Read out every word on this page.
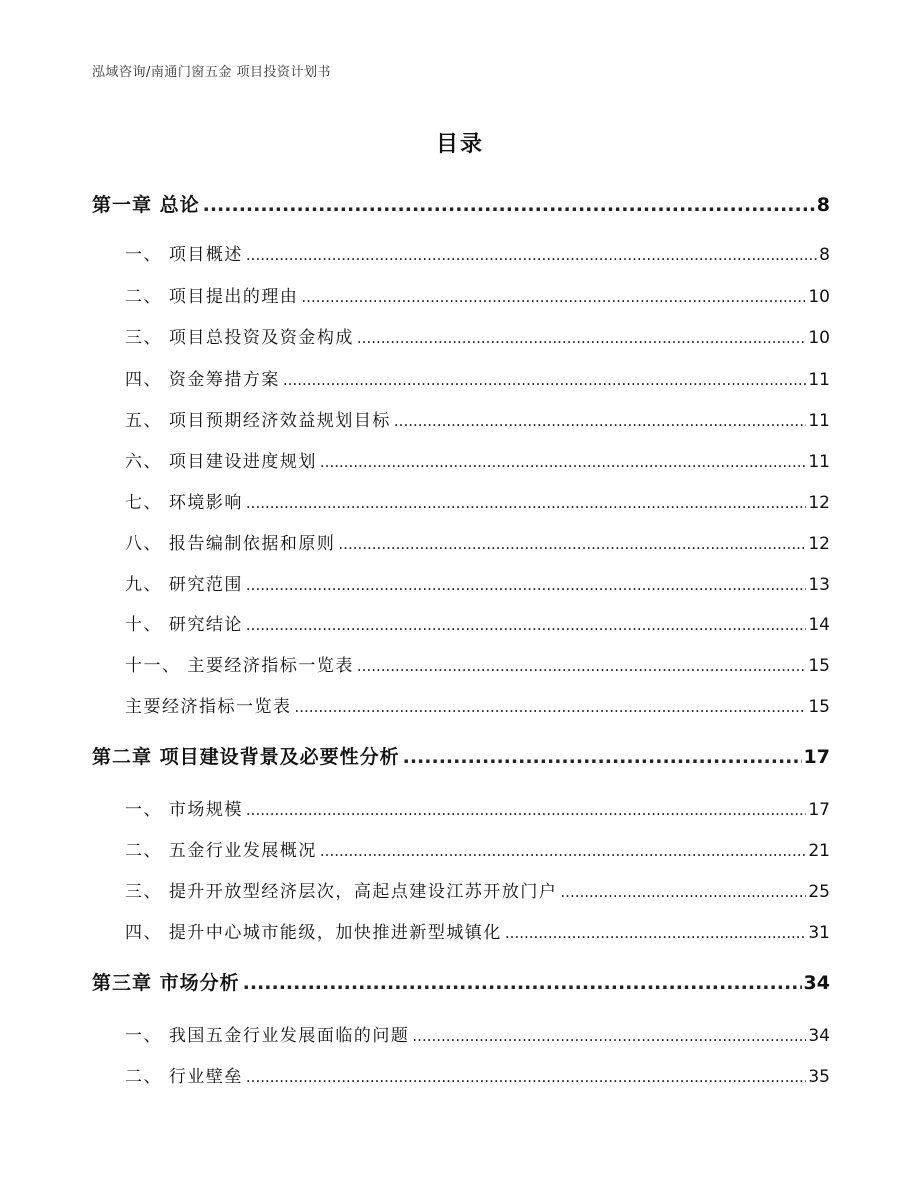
泓域咨询/南通门窗五金 项目投资计划书
目录
第一章 总论 .....	8
一、 项目概述 .....	8
二、 项目提出的理由 .....	10
三、 项目总投资及资金构成 .....	10
四、 资金筹措方案 .....	11
五、 项目预期经济效益规划目标 .....	11
六、 项目建设进度规划 .....	11
七、 环境影响 .....	12
八、 报告编制依据和原则 .....	12
九、 研究范围 .....	13
十、 研究结论 .....	14
十一、 主要经济指标一览表 .....	15
主要经济指标一览表 .....	15
第二章 项目建设背景及必要性分析 .....	17
一、 市场规模 .....	17
二、 五金行业发展概况 .....	21
三、 提升开放型经济层次，高起点建设江苏开放门户 .....	25
四、 提升中心城市能级，加快推进新型城镇化 .....	31
第三章 市场分析 .....	34
一、 我国五金行业发展面临的问题 .....	34
二、 行业壁垒 .....	35
